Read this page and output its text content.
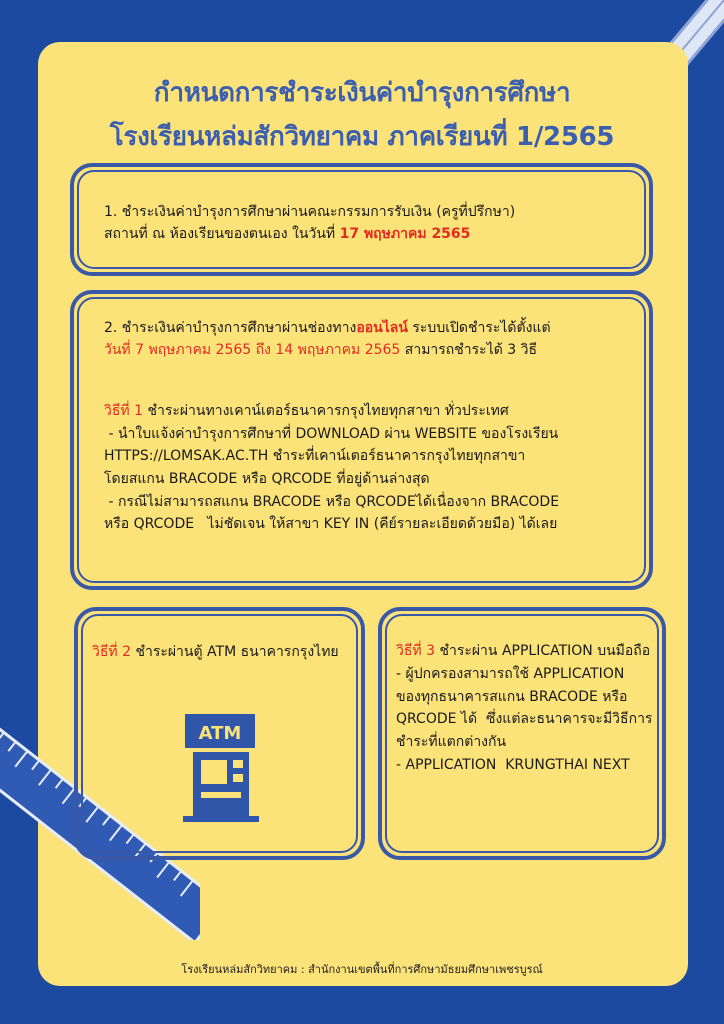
กำหนดการชำระเงินค่าบำรุงการศึกษา
โรงเรียนหล่มสักวิทยาคม ภาคเรียนที่ 1/2565
1. ชำระเงินค่าบำรุงการศึกษาผ่านคณะกรรมการรับเงิน (ครูที่ปรึกษา)
สถานที่ ณ ห้องเรียนของตนเอง ในวันที่ 17 พฤษภาคม 2565
2. ชำระเงินค่าบำรุงการศึกษาผ่านช่องทางออนไลน์ ระบบเปิดชำระได้ตั้งแต่
วันที่ 7 พฤษภาคม 2565 ถึง 14 พฤษภาคม 2565 สามารถชำระได้ 3 วิธี
วิธีที่ 1 ชำระผ่านทางเคาน์เตอร์ธนาคารกรุงไทยทุกสาขา ทั่วประเทศ
- นำใบแจ้งค่าบำรุงการศึกษาที่ DOWNLOAD ผ่าน WEBSITE ของโรงเรียน
HTTPS://LOMSAK.AC.TH ชำระที่เคาน์เตอร์ธนาคารกรุงไทยทุกสาขา
โดยสแกน BRACODE หรือ QRCODE ที่อยู่ด้านล่างสุด
- กรณีไม่สามารถสแกน BRACODE หรือ QRCODEได้เนื่องจาก BRACODE
หรือ QRCODE   ไม่ชัดเจน ให้สาขา KEY IN (คีย์รายละเอียดด้วยมือ) ได้เลย
วิธีที่ 2 ชำระผ่านตู้ ATM ธนาคารกรุงไทย
ATM
วิธีที่ 3 ชำระผ่าน APPLICATION บนมือถือ
- ผู้ปกครองสามารถใช้ APPLICATION
ของทุกธนาคารสแกน BRACODE หรือ
QRCODE ได้  ซึ่งแต่ละธนาคารจะมีวิธีการ
ชำระที่แตกต่างกัน
- APPLICATION  KRUNGTHAI NEXT
โรงเรียนหล่มสักวิทยาคม : สำนักงานเขตพื้นที่การศึกษามัธยมศึกษาเพชรบูรณ์
